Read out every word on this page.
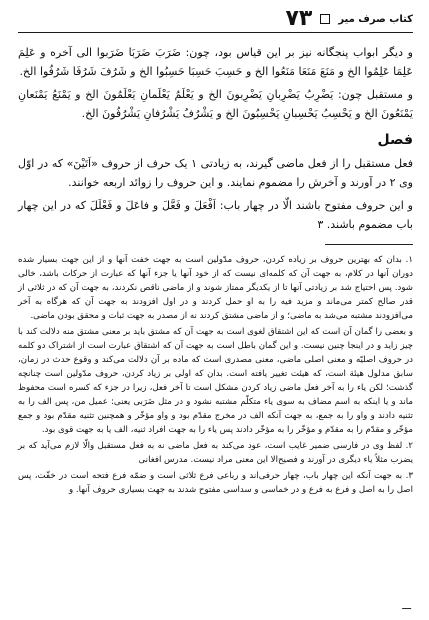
کتاب صرف میر
۷۳

و دیگر ابواب پنجگانه نیز بر این قیاس بود، چون: ضَرَبَ ضَرَبَا ضَرَبوا الی آخره و عَلِمَ عَلِمَا عَلِمُوا الخ و مَنَعَ مَنَعَا مَنَعُوا الخ و حَسِبَ حَسِبَا حَسِبُوا الخ و شَرُفَ شَرُفَا شَرُفُوا الخ.

و مستقبل چون: یَضْرِبُ یَضْرِبانِ یَضْرِبونَ الخ و یَعْلَمُ یَعْلَمانِ یَعْلَمُونَ الخ و یَمْنَعُ یَمْنَعانِ یَمْنَعُونَ الخ و یَحْسِبُ یَحْسِبانِ یَحْسِبُونَ الخ و یَشْرُفُ یَشْرُفانِ یَشْرُفُونَ الخ.

فصل

فعل مستقبل را از فعل ماضی گیرند، به زیادتی ۱ یک حرف از حروف «اَتَیْنَ» که در اوّل وی ۲ در آورند و آخرش را مضموم نمایند. و این حروف را زوائد اربعه خوانند.

و این حروف مفتوح باشند الّا در چهار باب: اَفْعَلَ و فَعَّلَ و فاعَلَ و فَعْلَلَ که در این چهار باب مضموم باشند. ۳

۱. بدان که بهترین حروف بر زیاده کردن، حروف مدّولین است به جهت خفت آنها و از این جهت بسیار شده دوران آنها در کلام، به جهت آن که کلمه‌ای نیست که از خود آنها یا جزء آنها که عبارت از حرکات باشد، خالی شود. پس احتیاج شد بر زیادتی آنها تا از یکدیگر ممتاز شوند و از ماضی ناقص نکردند، به جهت آن که در ثلاثی از قدر صالح کمتر می‌ماند و مزید فیه را به او حمل کردند و در اول افزودند به جهت آن که هرگاه به آخر می‌افزودند مشتبه می‌شد به ماضی؛ و از ماضی مشتق کردند نه از مصدر به جهت ثبات و محقق بودن ماضی.

و بعضی را گمان آن است که این اشتقاق لغوی است به جهت آن که مشتق باید بر معنی مشتق منه دلالت کند با چیز زاید و در اینجا چنین نیست. و این گمان باطل است به جهت آن که اشتقاق عبارت است از اشتراک دو کلمه در حروف اصلیّه و معنی اصلی ماضی، معنی مصدری است که ماده بر آن دلالت می‌کند و وقوع حدث در زمان، سابق مدلول هیئة است، که هیئت تغییر یافته است. بدان که اولی بر زیاد کردن، حروف مدّولین است چنانچه گذشت؛ لکن یاء را به آخر فعل ماضی زیاد کردن مشکل است تا آخر فعل، زیرا در جزء که کسره است محفوظ ماند و یا اینکه به اسم مضاف به سوی یاء متکلّم مشتبه نشود و در مثل ضَرَبی یعنی: عمیل من، پس الف را به تثنیه دادند و واو را به جمع، به جهت آنکه الف در مخرج مقدّم بود و واو مؤخّر و همچنین تثنیه مقدّم بود و جمع مؤخّر و مقدّم را به مقدّم و مؤخّر را به مؤخّر دادند پس یاء را به جهت افراد ثنیه، الف یا به جهت قوی بود.

۲. لفظ وی در فارسی ضمیر غایب است، عود می‌کند به فعل ماضی نه به فعل مستقبل والّا لازم می‌آید که بر یضرب مثلاً یاء دیگری در آورند و فصیح‌الا این معنی مراد نیست. مدرس افغانی

۳. به جهت آنکه این چهار باب، چهار حرفی‌اند و رباعی فرع ثلاثی است و ضمّه فرع فتحه است در خفّت، پس اصل را به اصل و فرع به فرع و در خماسی و سداسی مفتوح شدند به جهت بسیاری حروف آنها. و

ـــ
